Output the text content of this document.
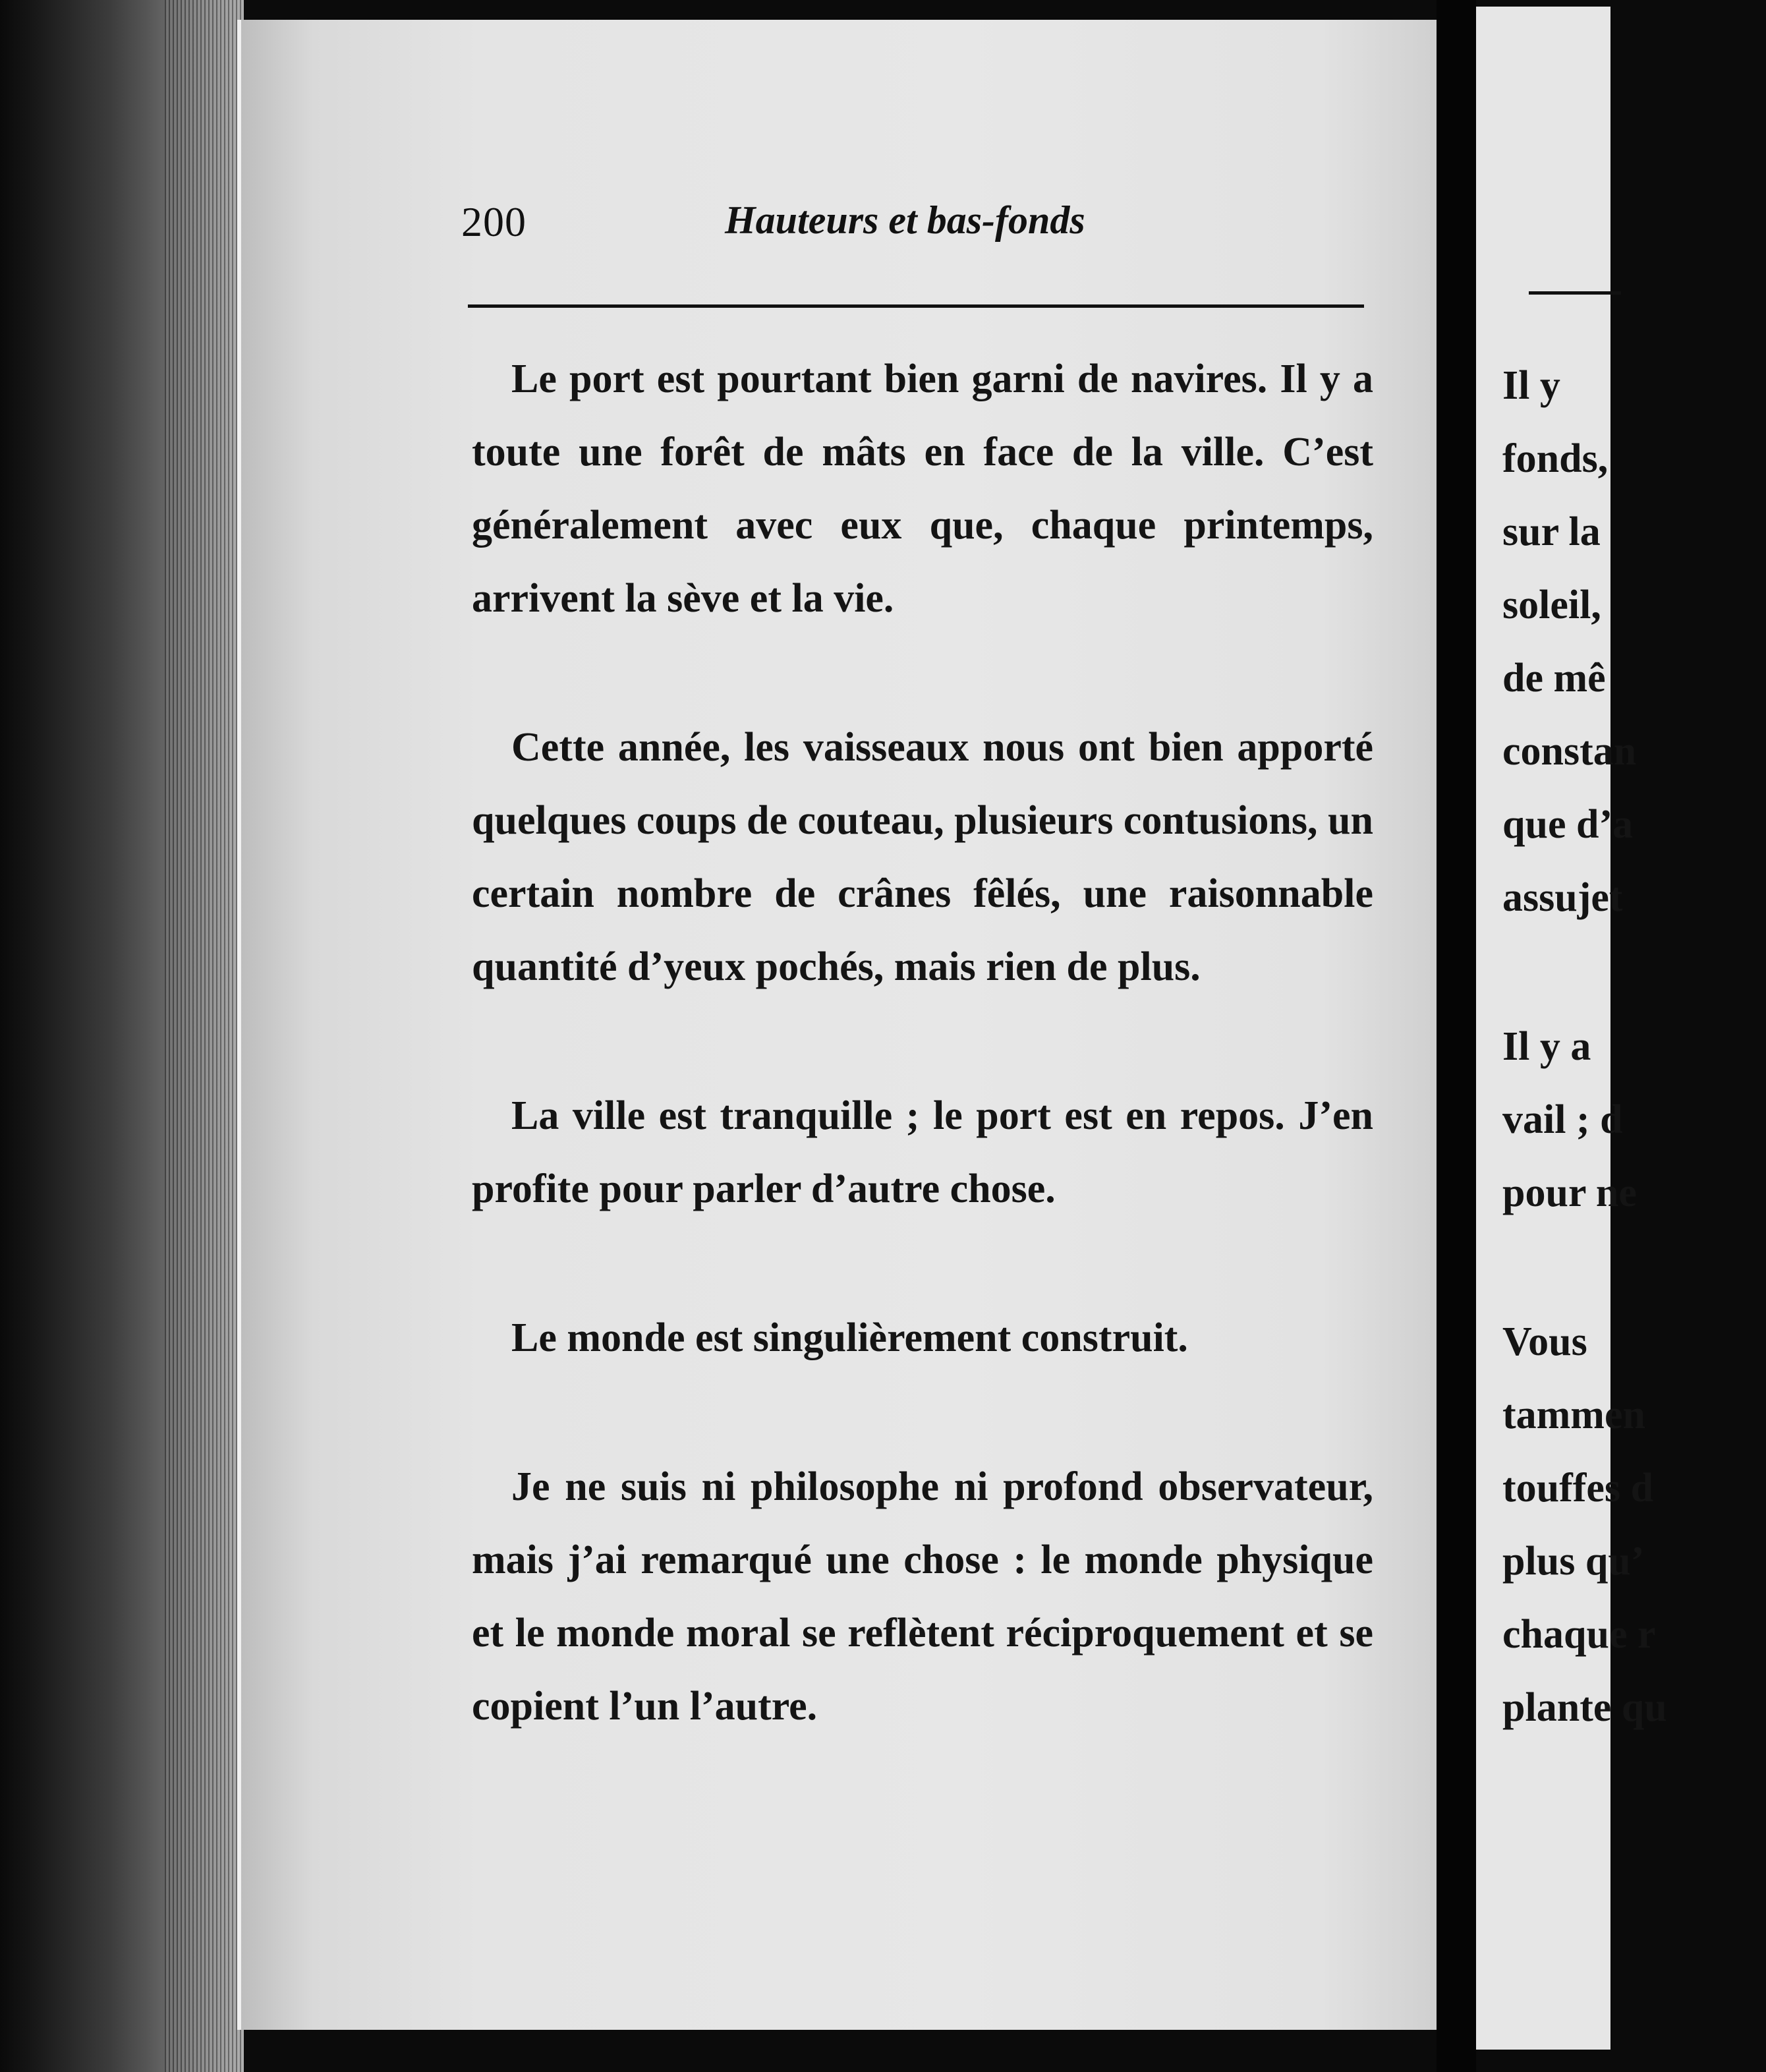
200	Hauteurs et bas-fonds

Le port est pourtant bien garni de navires. Il y a toute une forêt de mâts en face de la ville. C’est généralement avec eux que, chaque printemps, arrivent la sève et la vie.

Cette année, les vaisseaux nous ont bien apporté quelques coups de couteau, plusieurs contusions, un certain nombre de crânes fêlés, une raisonnable quantité d’yeux pochés, mais rien de plus.

La ville est tranquille ; le port est en repos. J’en profite pour parler d’autre chose.

Le monde est singulièrement construit.

Je ne suis ni philosophe ni profond observateur, mais j’ai remarqué une chose : le monde physique et le monde moral se reflètent réciproquement et se copient l’un l’autre.

Il y
fonds,
sur la
soleil,
de mê
constan
que d’a
assujet
Il y a
vail ; d
pour ne
Vous
tammen
touffes d
plus qu’
chaque r
plante qu
